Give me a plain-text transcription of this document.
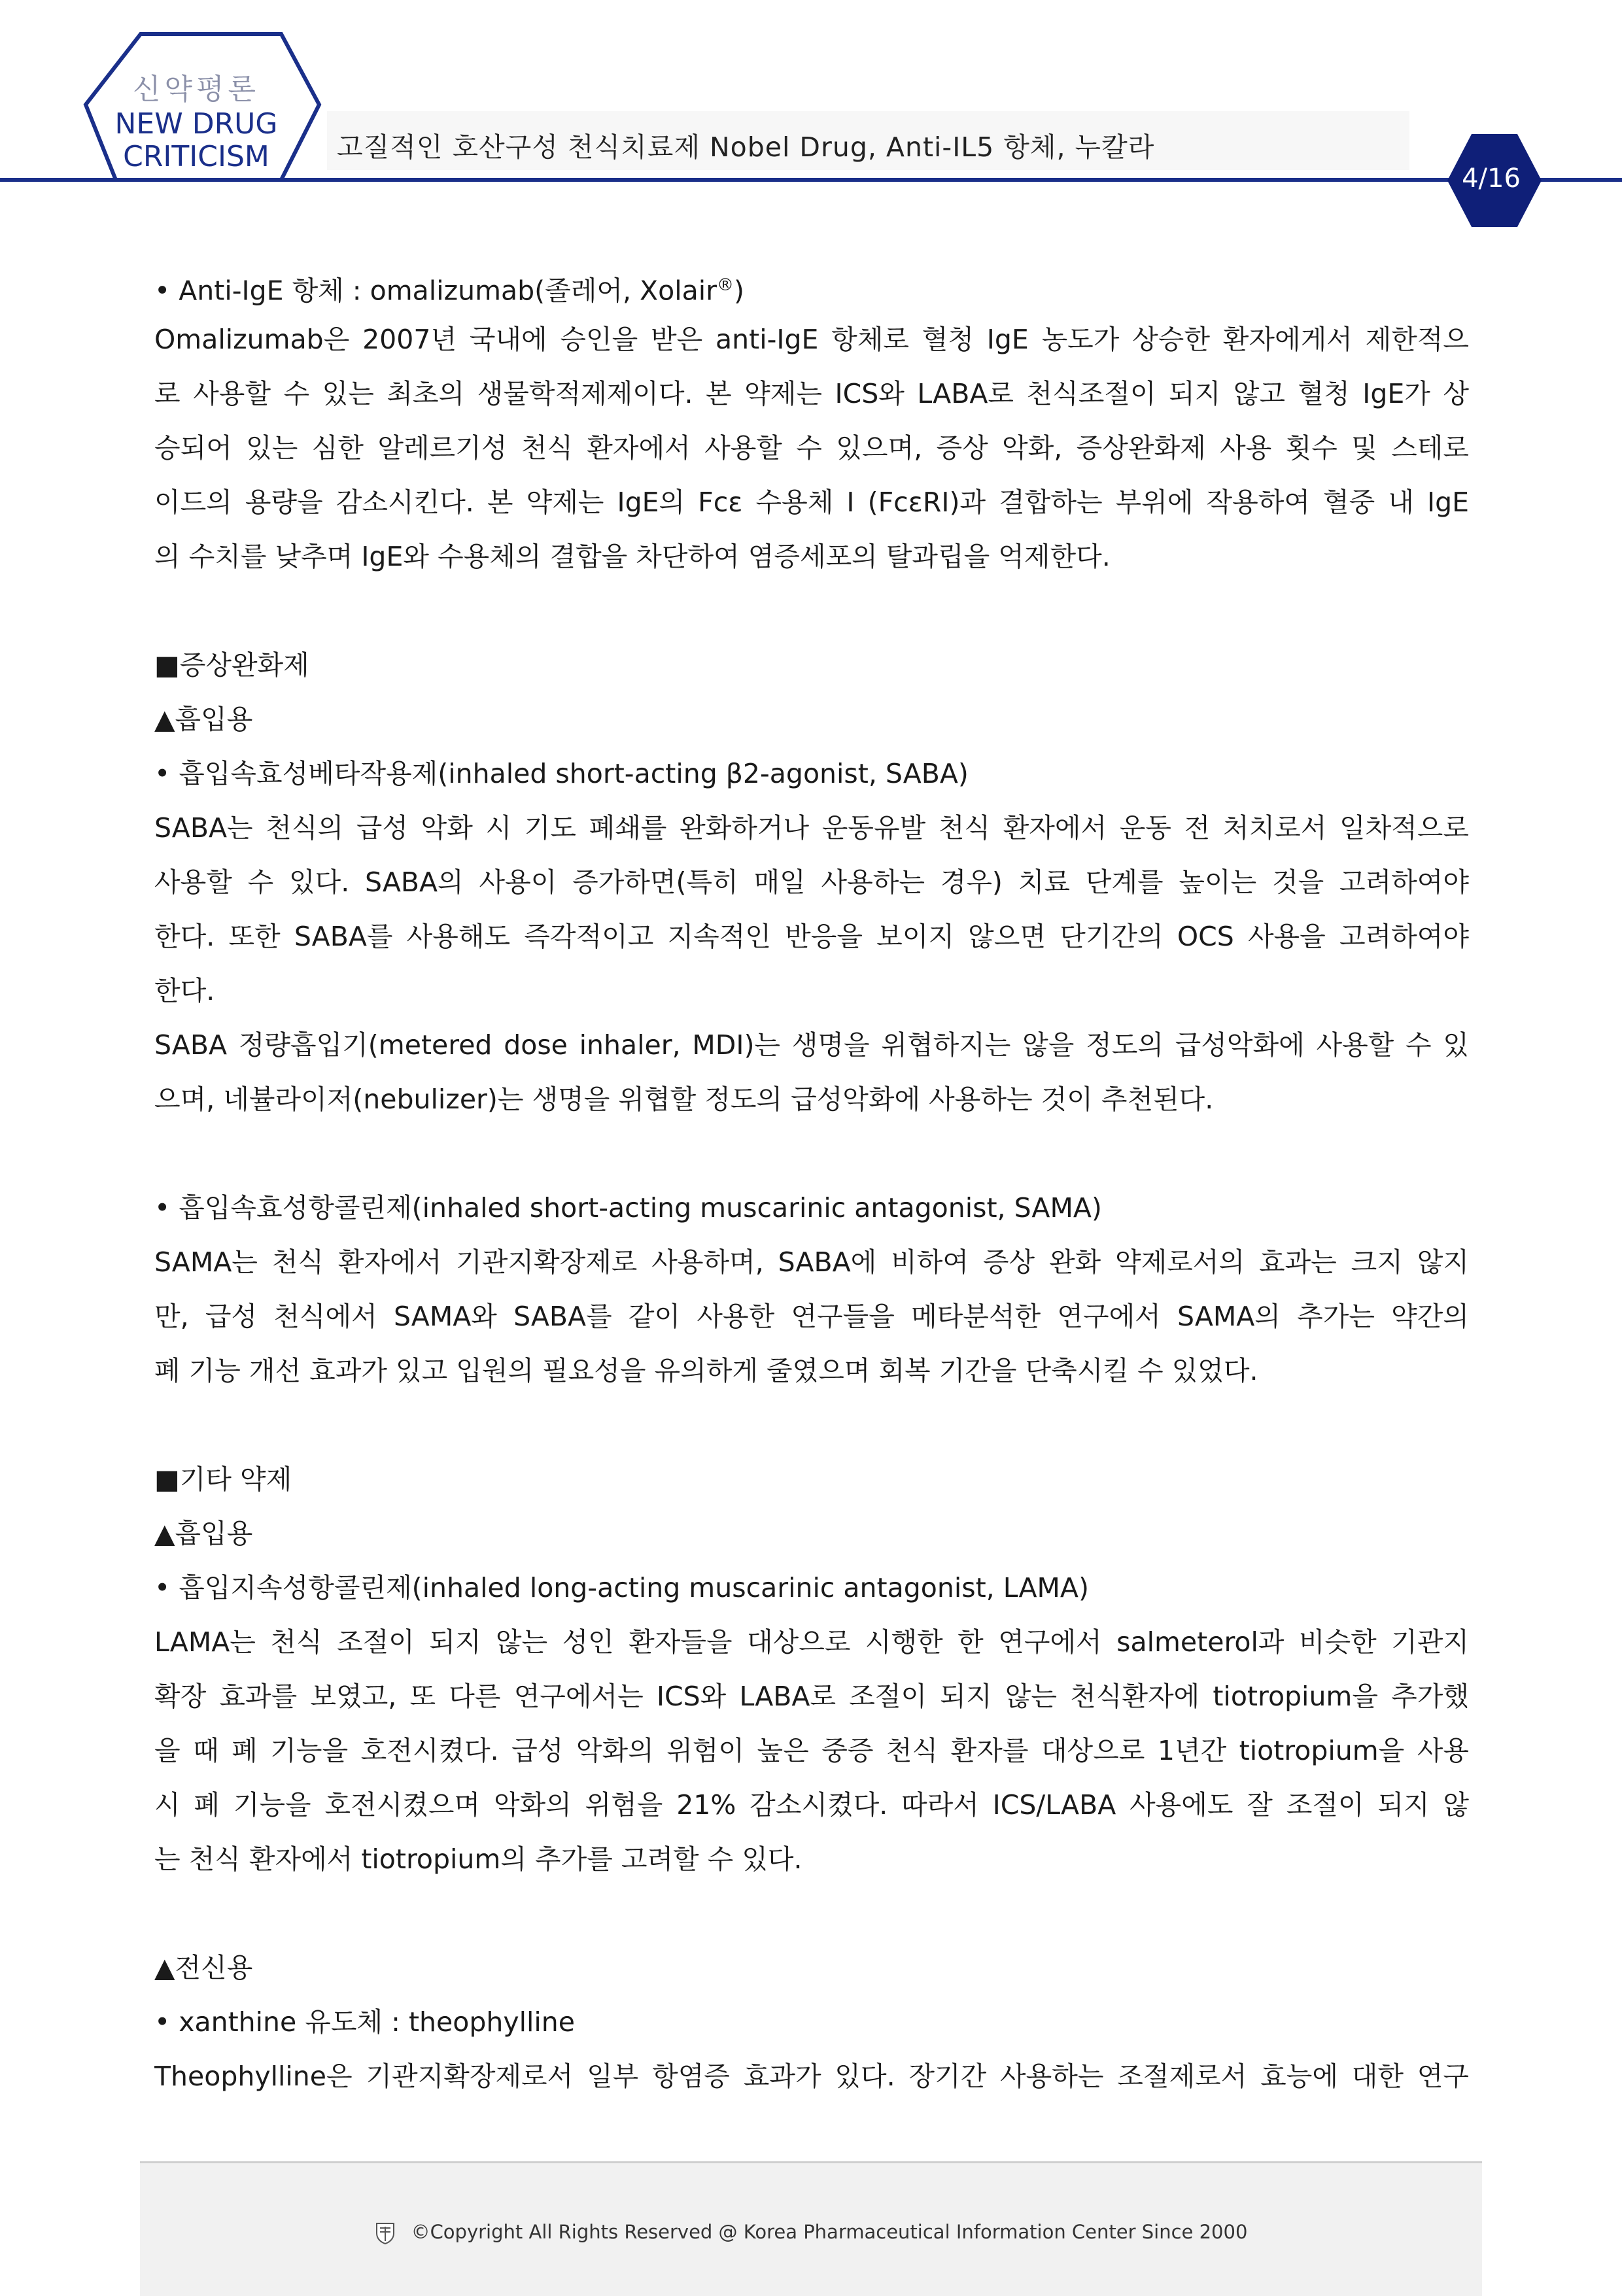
신약평론
NEW DRUG
CRITICISM	고질적인 호산구성 천식치료제 Nobel Drug, Anti-IL5 항체, 누칼라
4/16
• Anti-IgE 항체 : omalizumab(졸레어, Xolair®)
Omalizumab은 2007년 국내에 승인을 받은 anti-IgE 항체로 혈청 IgE 농도가 상승한 환자에게서 제한적으
로 사용할 수 있는 최초의 생물학적제제이다. 본 약제는 ICS와 LABA로 천식조절이 되지 않고 혈청 IgE가 상
승되어 있는 심한 알레르기성 천식 환자에서 사용할 수 있으며, 증상 악화, 증상완화제 사용 횟수 및 스테로
이드의 용량을 감소시킨다. 본 약제는 IgE의 Fcε 수용체 I (FcεRI)과 결합하는 부위에 작용하여 혈중 내 IgE
의 수치를 낮추며 IgE와 수용체의 결합을 차단하여 염증세포의 탈과립을 억제한다.
■증상완화제
▲흡입용
• 흡입속효성베타작용제(inhaled short-acting β2-agonist, SABA)
SABA는 천식의 급성 악화 시 기도 폐쇄를 완화하거나 운동유발 천식 환자에서 운동 전 처치로서 일차적으로
사용할 수 있다. SABA의 사용이 증가하면(특히 매일 사용하는 경우) 치료 단계를 높이는 것을 고려하여야
한다. 또한 SABA를 사용해도 즉각적이고 지속적인 반응을 보이지 않으면 단기간의 OCS 사용을 고려하여야
한다.
SABA 정량흡입기(metered dose inhaler, MDI)는 생명을 위협하지는 않을 정도의 급성악화에 사용할 수 있
으며, 네뷸라이저(nebulizer)는 생명을 위협할 정도의 급성악화에 사용하는 것이 추천된다.
• 흡입속효성항콜린제(inhaled short-acting muscarinic antagonist, SAMA)
SAMA는 천식 환자에서 기관지확장제로 사용하며, SABA에 비하여 증상 완화 약제로서의 효과는 크지 않지
만, 급성 천식에서 SAMA와 SABA를 같이 사용한 연구들을 메타분석한 연구에서 SAMA의 추가는 약간의
폐 기능 개선 효과가 있고 입원의 필요성을 유의하게 줄였으며 회복 기간을 단축시킬 수 있었다.
■기타 약제
▲흡입용
• 흡입지속성항콜린제(inhaled long-acting muscarinic antagonist, LAMA)
LAMA는 천식 조절이 되지 않는 성인 환자들을 대상으로 시행한 한 연구에서 salmeterol과 비슷한 기관지
확장 효과를 보였고, 또 다른 연구에서는 ICS와 LABA로 조절이 되지 않는 천식환자에 tiotropium을 추가했
을 때 폐 기능을 호전시켰다. 급성 악화의 위험이 높은 중증 천식 환자를 대상으로 1년간 tiotropium을 사용
시 폐 기능을 호전시켰으며 악화의 위험을 21% 감소시켰다. 따라서 ICS/LABA 사용에도 잘 조절이 되지 않
는 천식 환자에서 tiotropium의 추가를 고려할 수 있다.
▲전신용
• xanthine 유도체 : theophylline
Theophylline은 기관지확장제로서 일부 항염증 효과가 있다. 장기간 사용하는 조절제로서 효능에 대한 연구
©Copyright All Rights Reserved @ Korea Pharmaceutical Information Center Since 2000
